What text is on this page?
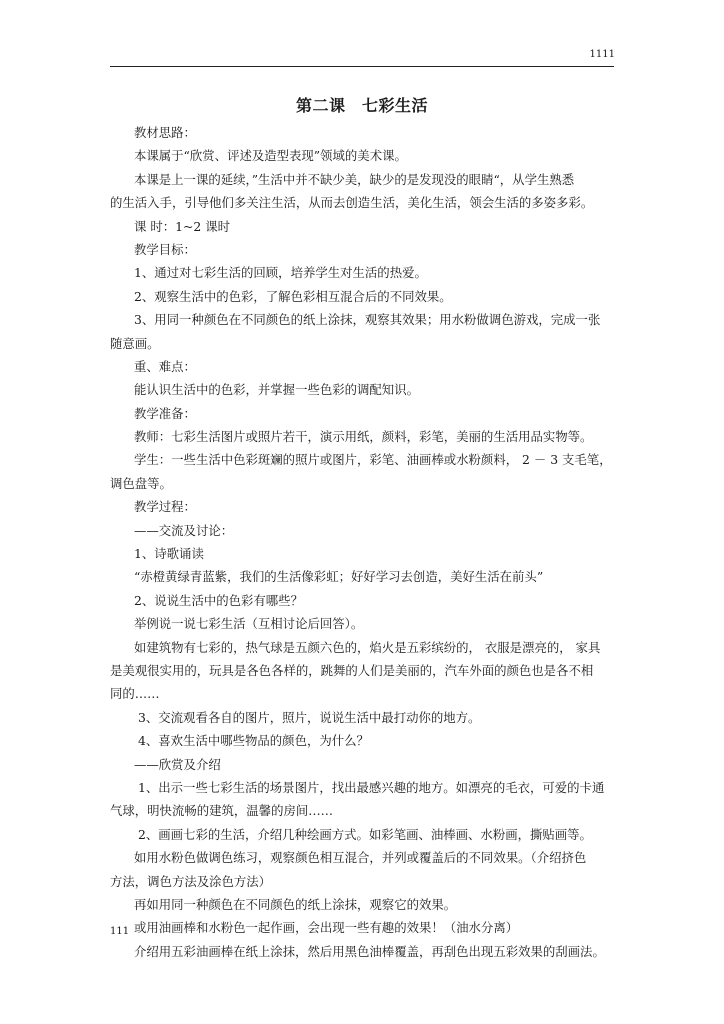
1111
第二课　七彩生活
教材思路：
本课属于“欣赏、评述及造型表现”领域的美术课。
本课是上一课的延续，”生活中并不缺少美，缺少的是发现没的眼睛“，从学生熟悉
的生活入手，引导他们多关注生活，从而去创造生活，美化生活，领会生活的多姿多彩。
课 时：1~2 课时
教学目标：
1、通过对七彩生活的回顾，培养学生对生活的热爱。
2、观察生活中的色彩，了解色彩相互混合后的不同效果。
3、用同一种颜色在不同颜色的纸上涂抹，观察其效果；用水粉做调色游戏，完成一张
随意画。
重、难点：
能认识生活中的色彩，并掌握一些色彩的调配知识。
教学准备：
教师：七彩生活图片或照片若干，演示用纸，颜料，彩笔，美丽的生活用品实物等。
学生：一些生活中色彩斑斓的照片或图片，彩笔、油画棒或水粉颜料， 2 － 3 支毛笔，
调色盘等。
教学过程：
——交流及讨论：
1、诗歌诵读
“赤橙黄绿青蓝紫，我们的生活像彩虹；好好学习去创造，美好生活在前头”
2、说说生活中的色彩有哪些？
举例说一说七彩生活（互相讨论后回答）。
如建筑物有七彩的，热气球是五颜六色的，焰火是五彩缤纷的， 衣服是漂亮的， 家具
是美观很实用的，玩具是各色各样的，跳舞的人们是美丽的，汽车外面的颜色也是各不相
同的……
3、交流观看各自的图片，照片，说说生活中最打动你的地方。
4、喜欢生活中哪些物品的颜色，为什么？
——欣赏及介绍
1、出示一些七彩生活的场景图片，找出最感兴趣的地方。如漂亮的毛衣，可爱的卡通
气球，明快流畅的建筑，温馨的房间……
2、画画七彩的生活，介绍几种绘画方式。如彩笔画、油棒画、水粉画，撕贴画等。
如用水粉色做调色练习，观察颜色相互混合，并列或覆盖后的不同效果。（介绍挤色
方法，调色方法及涂色方法）
再如用同一种颜色在不同颜色的纸上涂抹，观察它的效果。
或用油画棒和水粉色一起作画，会出现一些有趣的效果！（油水分离）
介绍用五彩油画棒在纸上涂抹，然后用黑色油棒覆盖，再刮色出现五彩效果的刮画法。
111
